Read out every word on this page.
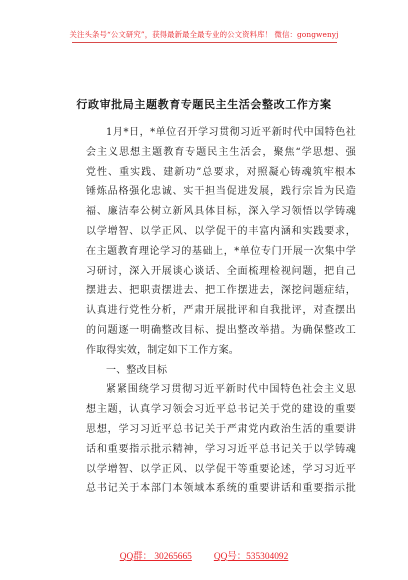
关注头条号“公文研究”，获得最新最全最专业的公文资料库！ 微信：gongwenyj
行政审批局主题教育专题民主生活会整改工作方案
1月*日，*单位召开学习贯彻习近平新时代中国特色社
会主义思想主题教育专题民主生活会，聚焦“学思想、强
党性、重实践、建新功”总要求，对照凝心铸魂筑牢根本
锤炼品格强化忠诚、实干担当促进发展，践行宗旨为民造
福、廉洁奉公树立新风具体目标，深入学习领悟以学铸魂
以学增智、以学正风、以学促干的丰富内涵和实践要求，
在主题教育理论学习的基础上，*单位专门开展一次集中学
习研讨，深入开展谈心谈话、全面梳理检视问题，把自己
摆进去、把职责摆进去、把工作摆进去，深挖问题症结，
认真进行党性分析，严肃开展批评和自我批评，对查摆出
的问题逐一明确整改目标、提出整改举措。为确保整改工
作取得实效，制定如下工作方案。
一、整改目标
紧紧围绕学习贯彻习近平新时代中国特色社会主义思
想主题，认真学习领会习近平总书记关于党的建设的重要
思想，学习习近平总书记关于严肃党内政治生活的重要讲
话和重要指示批示精神，学习习近平总书记关于以学铸魂
以学增智、以学正风、以学促干等重要论述，学习习近平
总书记关于本部门本领域本系统的重要讲话和重要指示批
QQ群： 30265665 QQ号：535304092
